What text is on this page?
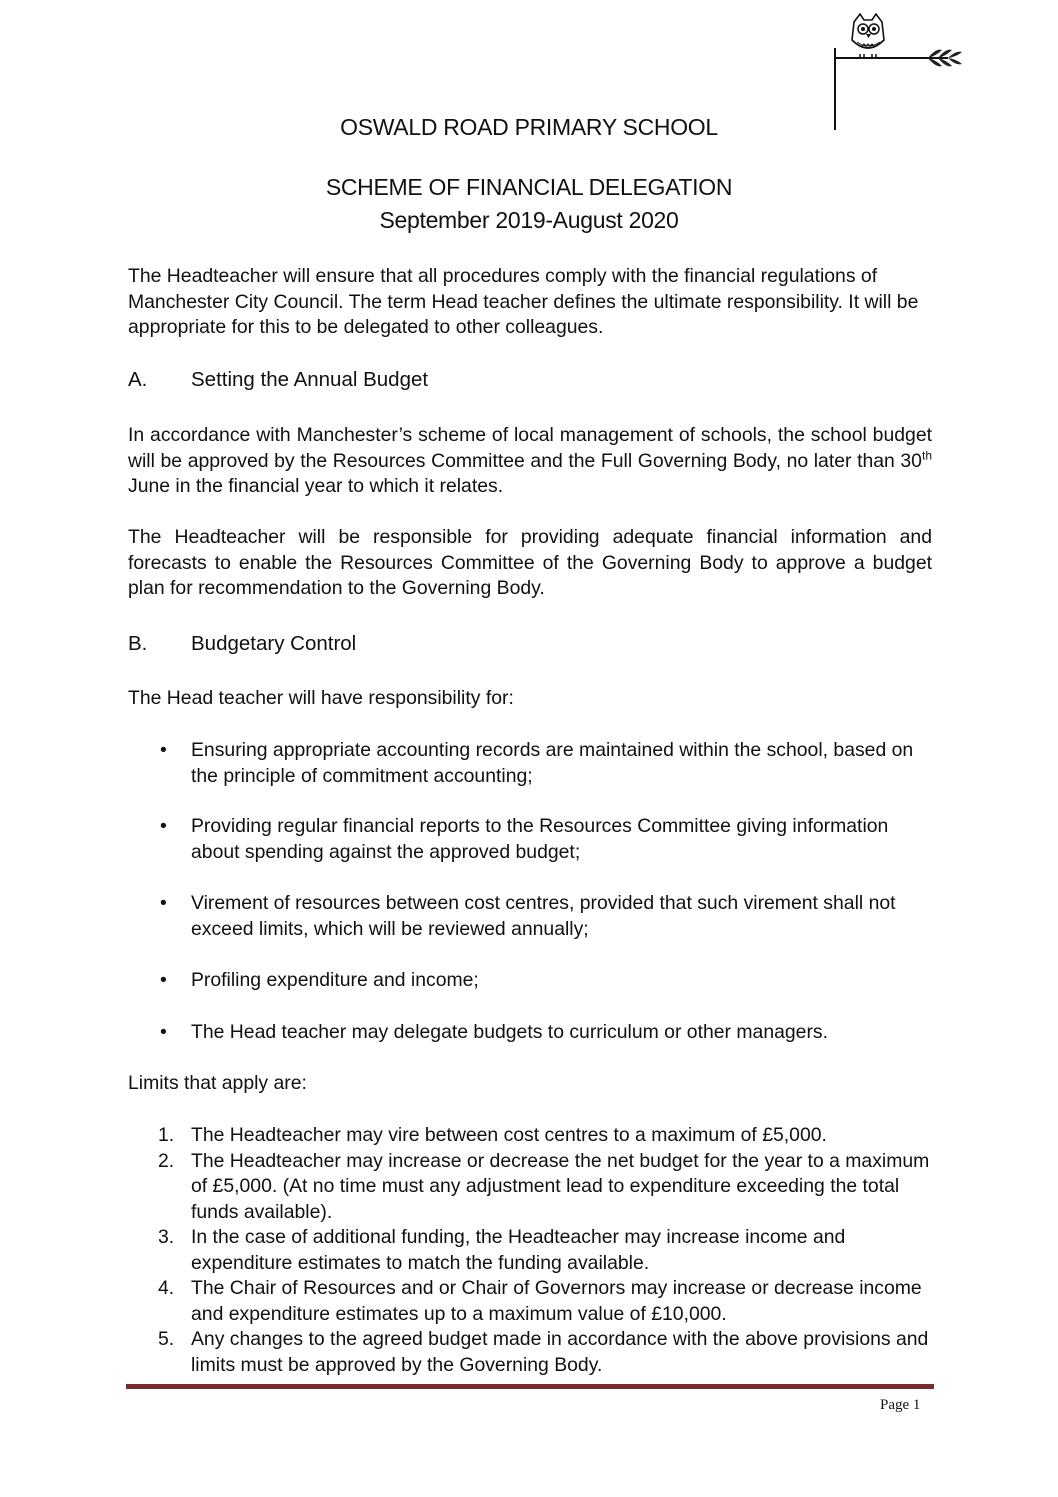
OSWALD ROAD PRIMARY SCHOOL
SCHEME OF FINANCIAL DELEGATION
September 2019-August 2020

The Headteacher will ensure that all procedures comply with the financial regulations of Manchester City Council. The term Head teacher defines the ultimate responsibility. It will be appropriate for this to be delegated to other colleagues.

A. Setting the Annual Budget

In accordance with Manchester’s scheme of local management of schools, the school budget will be approved by the Resources Committee and the Full Governing Body, no later than 30th June in the financial year to which it relates.

The Headteacher will be responsible for providing adequate financial information and forecasts to enable the Resources Committee of the Governing Body to approve a budget plan for recommendation to the Governing Body.

B. Budgetary Control

The Head teacher will have responsibility for:

• Ensuring appropriate accounting records are maintained within the school, based on the principle of commitment accounting;
• Providing regular financial reports to the Resources Committee giving information about spending against the approved budget;
• Virement of resources between cost centres, provided that such virement shall not exceed limits, which will be reviewed annually;
• Profiling expenditure and income;
• The Head teacher may delegate budgets to curriculum or other managers.

Limits that apply are:

1. The Headteacher may vire between cost centres to a maximum of £5,000.
2. The Headteacher may increase or decrease the net budget for the year to a maximum of £5,000. (At no time must any adjustment lead to expenditure exceeding the total funds available).
3. In the case of additional funding, the Headteacher may increase income and expenditure estimates to match the funding available.
4. The Chair of Resources and or Chair of Governors may increase or decrease income and expenditure estimates up to a maximum value of £10,000.
5. Any changes to the agreed budget made in accordance with the above provisions and limits must be approved by the Governing Body.
Page 1
